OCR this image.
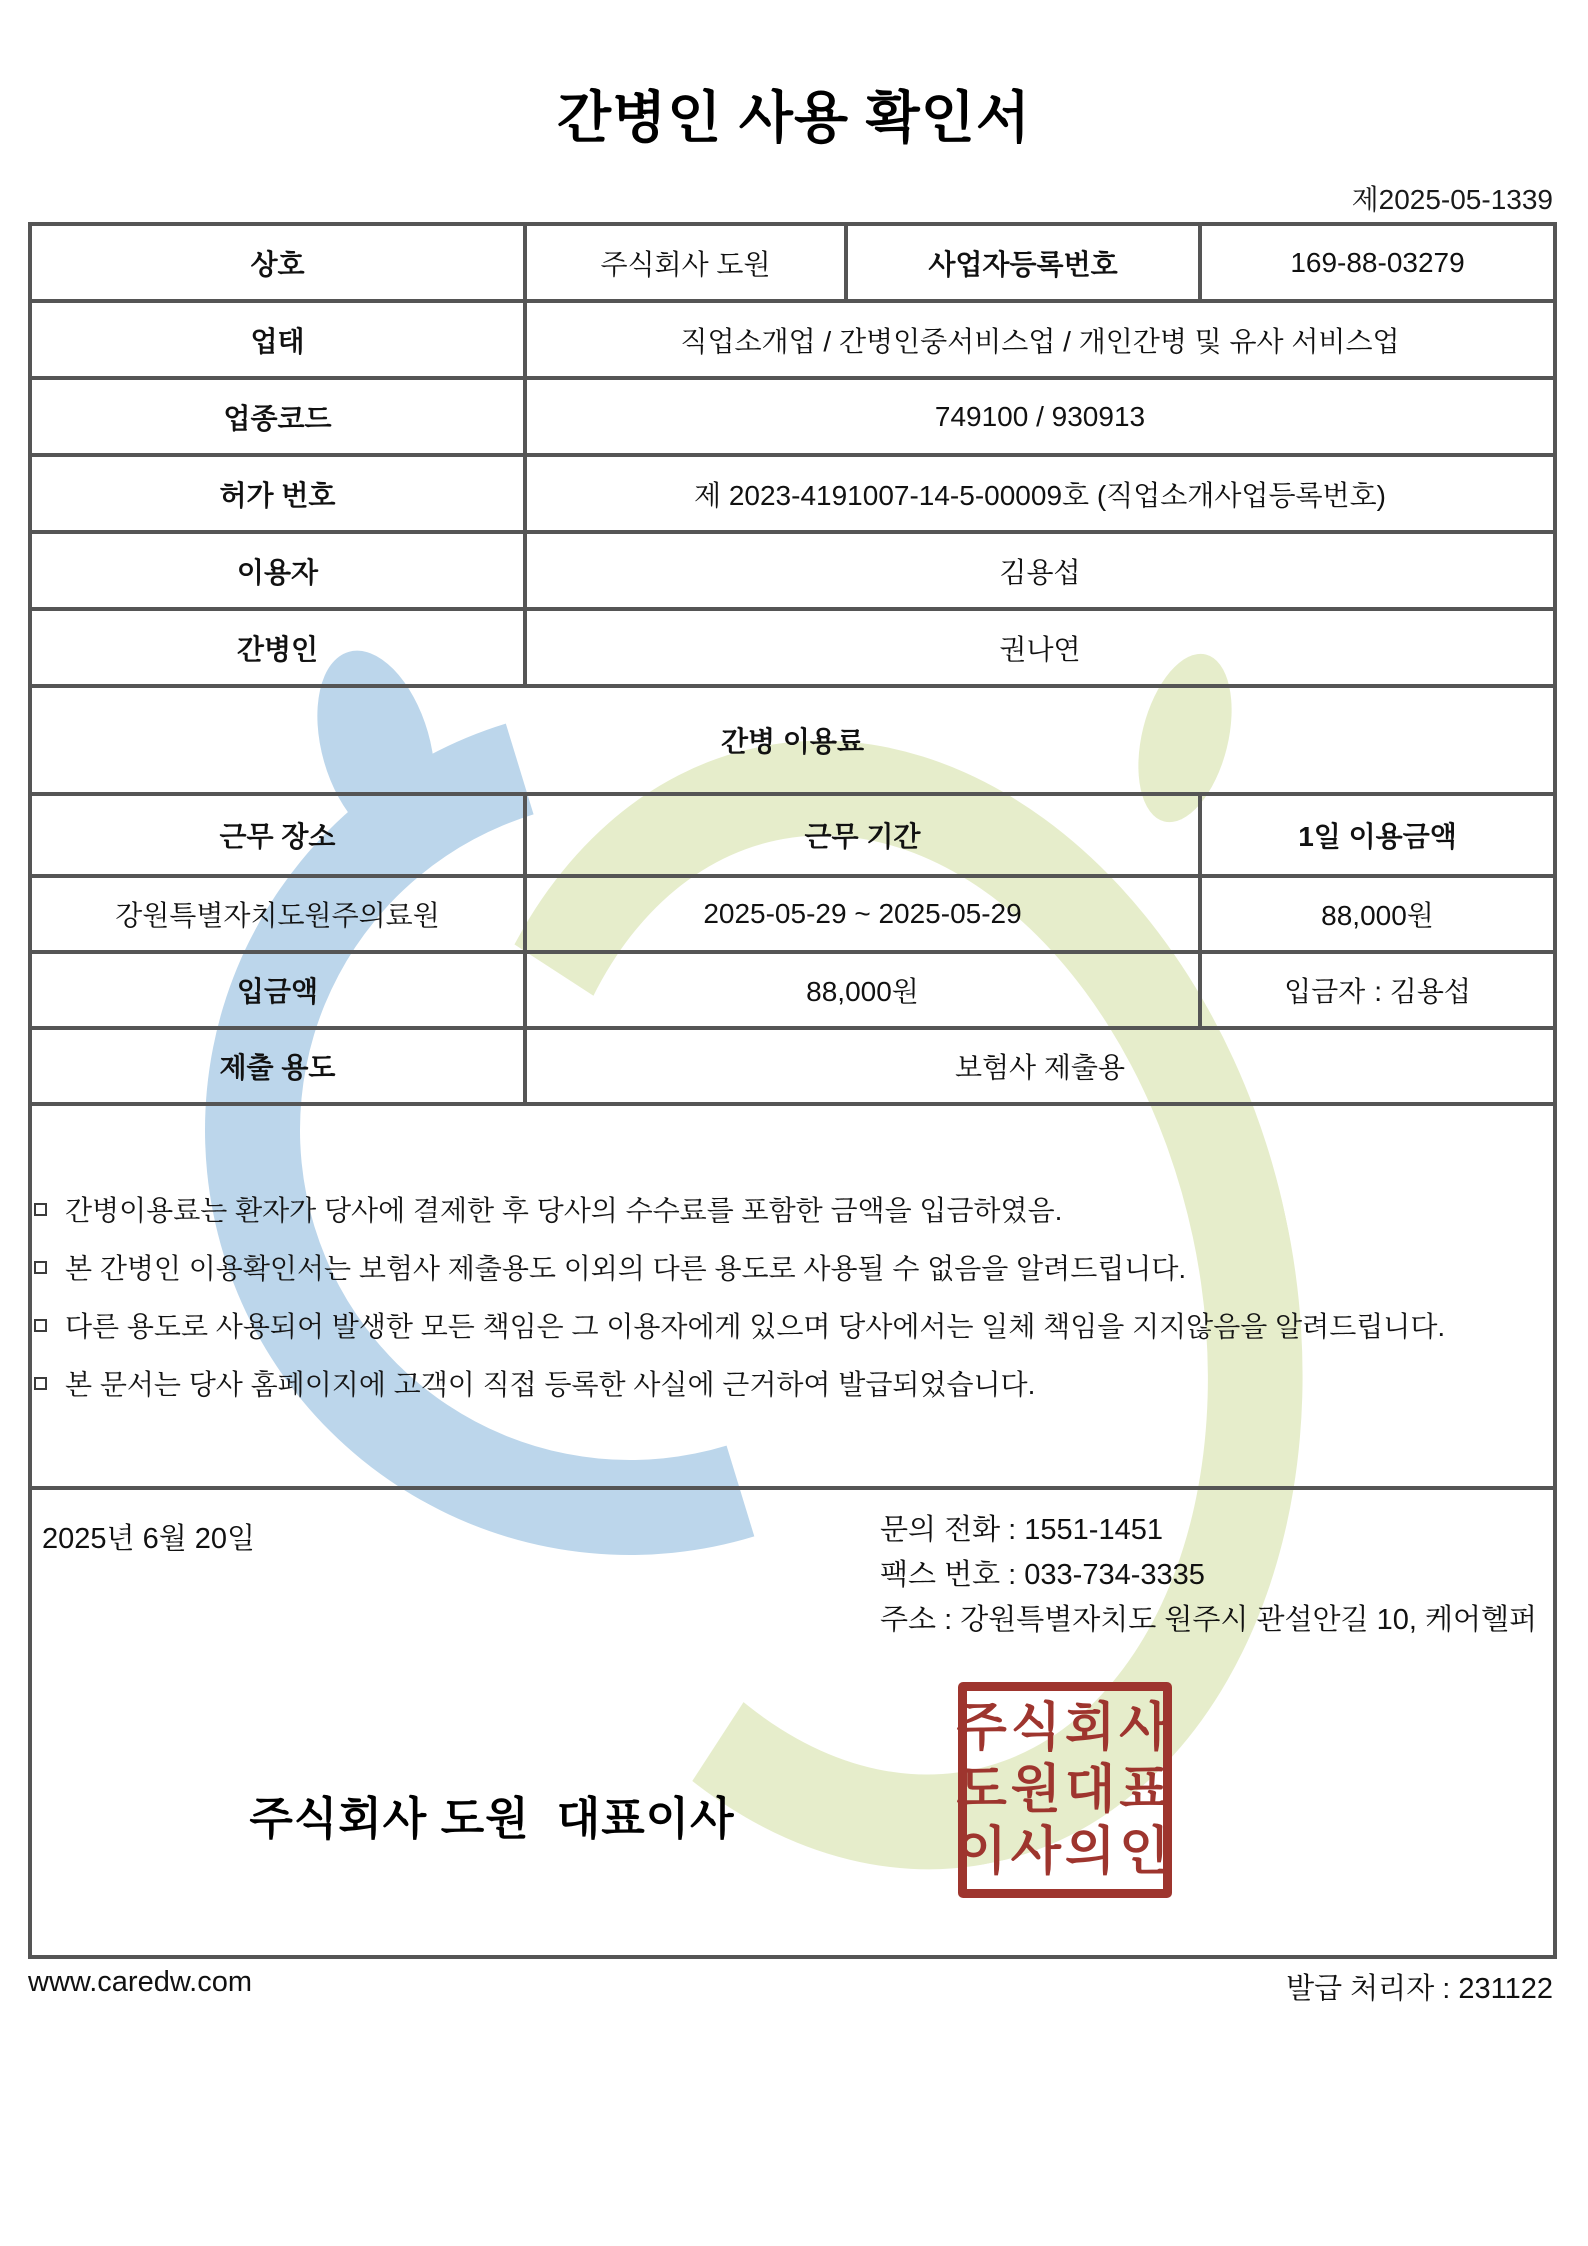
간병인 사용 확인서
제2025-05-1339
상호	주식회사 도원	사업자등록번호	169-88-03279
업태	직업소개업 / 간병인중서비스업 / 개인간병 및 유사 서비스업		
업종코드	749100 / 930913		
허가 번호	제 2023-4191007-14-5-00009호 (직업소개사업등록번호)		
이용자	김용섭		
간병인	권나연		
간병 이용료			
근무 장소	근무 기간		1일 이용금액
강원특별자치도원주의료원	2025-05-29 ~ 2025-05-29		88,000원
입금액	88,000원		입금자 : 김용섭
제출 용도	보험사 제출용		

간병이용료는 환자가 당사에 결제한 후 당사의 수수료를 포함한 금액을 입금하였음.
본 간병인 이용확인서는 보험사 제출용도 이외의 다른 용도로 사용될 수 없음을 알려드립니다.
다른 용도로 사용되어 발생한 모든 책임은 그 이용자에게 있으며 당사에서는 일체 책임을 지지않음을 알려드립니다.
본 문서는 당사 홈페이지에 고객이 직접 등록한 사실에 근거하여 발급되었습니다.			

2025년 6월 20일	문의 전화 : 1551-1451
팩스 번호 : 033-734-3335
주소 : 강원특별자치도 원주시 관설안길 10, 케어헬퍼
주식회사 도원  대표이사
주식회사
도원대표
이사의인
www.caredw.com	발급 처리자 : 231122
